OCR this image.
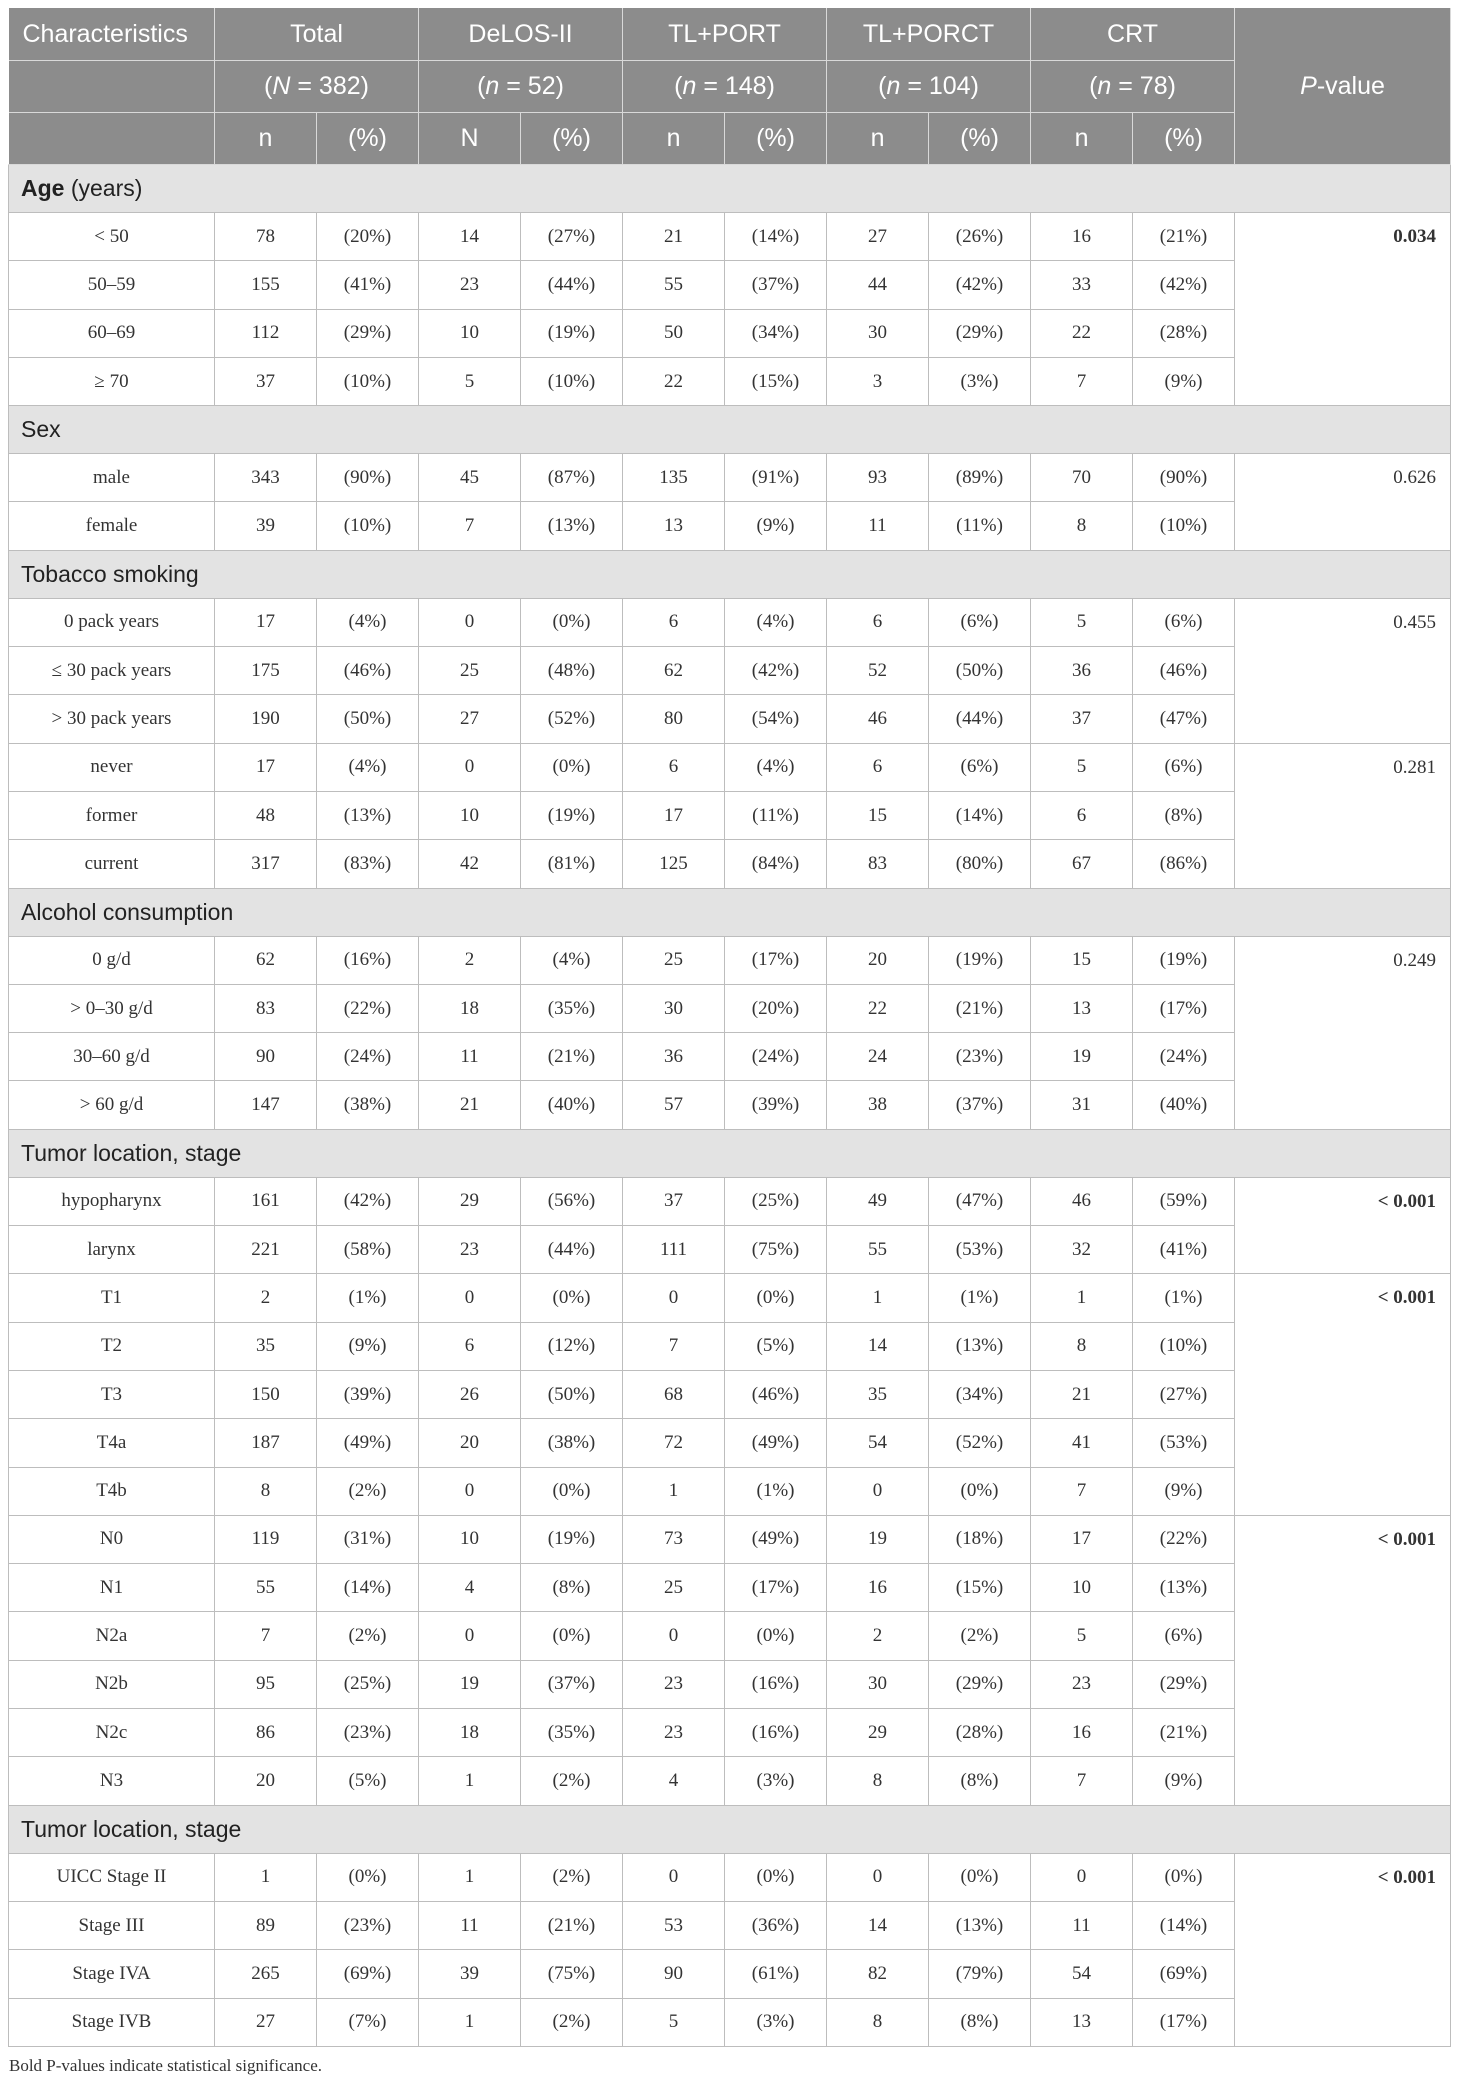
Characteristics	Total		DeLOS-II		TL+PORT		TL+PORCT		CRT		P-value
	(N = 382)		(n = 52)		(n = 148)		(n = 104)		(n = 78)		
	n	(%)	N	(%)	n	(%)	n	(%)	n	(%)	
Age (years)											
< 50	78	(20%)	14	(27%)	21	(14%)	27	(26%)	16	(21%)	0.034
50–59	155	(41%)	23	(44%)	55	(37%)	44	(42%)	33	(42%)	
60–69	112	(29%)	10	(19%)	50	(34%)	30	(29%)	22	(28%)	
≥ 70	37	(10%)	5	(10%)	22	(15%)	3	(3%)	7	(9%)	
Sex											
male	343	(90%)	45	(87%)	135	(91%)	93	(89%)	70	(90%)	0.626
female	39	(10%)	7	(13%)	13	(9%)	11	(11%)	8	(10%)	
Tobacco smoking											
0 pack years	17	(4%)	0	(0%)	6	(4%)	6	(6%)	5	(6%)	0.455
≤ 30 pack years	175	(46%)	25	(48%)	62	(42%)	52	(50%)	36	(46%)	
> 30 pack years	190	(50%)	27	(52%)	80	(54%)	46	(44%)	37	(47%)	
never	17	(4%)	0	(0%)	6	(4%)	6	(6%)	5	(6%)	0.281
former	48	(13%)	10	(19%)	17	(11%)	15	(14%)	6	(8%)	
current	317	(83%)	42	(81%)	125	(84%)	83	(80%)	67	(86%)	
Alcohol consumption											
0 g/d	62	(16%)	2	(4%)	25	(17%)	20	(19%)	15	(19%)	0.249
> 0–30 g/d	83	(22%)	18	(35%)	30	(20%)	22	(21%)	13	(17%)	
30–60 g/d	90	(24%)	11	(21%)	36	(24%)	24	(23%)	19	(24%)	
> 60 g/d	147	(38%)	21	(40%)	57	(39%)	38	(37%)	31	(40%)	
Tumor location, stage											
hypopharynx	161	(42%)	29	(56%)	37	(25%)	49	(47%)	46	(59%)	< 0.001
larynx	221	(58%)	23	(44%)	111	(75%)	55	(53%)	32	(41%)	
T1	2	(1%)	0	(0%)	0	(0%)	1	(1%)	1	(1%)	< 0.001
T2	35	(9%)	6	(12%)	7	(5%)	14	(13%)	8	(10%)	
T3	150	(39%)	26	(50%)	68	(46%)	35	(34%)	21	(27%)	
T4a	187	(49%)	20	(38%)	72	(49%)	54	(52%)	41	(53%)	
T4b	8	(2%)	0	(0%)	1	(1%)	0	(0%)	7	(9%)	
N0	119	(31%)	10	(19%)	73	(49%)	19	(18%)	17	(22%)	< 0.001
N1	55	(14%)	4	(8%)	25	(17%)	16	(15%)	10	(13%)	
N2a	7	(2%)	0	(0%)	0	(0%)	2	(2%)	5	(6%)	
N2b	95	(25%)	19	(37%)	23	(16%)	30	(29%)	23	(29%)	
N2c	86	(23%)	18	(35%)	23	(16%)	29	(28%)	16	(21%)	
N3	20	(5%)	1	(2%)	4	(3%)	8	(8%)	7	(9%)	
Tumor location, stage											
UICC Stage II	1	(0%)	1	(2%)	0	(0%)	0	(0%)	0	(0%)	< 0.001
Stage III	89	(23%)	11	(21%)	53	(36%)	14	(13%)	11	(14%)	
Stage IVA	265	(69%)	39	(75%)	90	(61%)	82	(79%)	54	(69%)	
Stage IVB	27	(7%)	1	(2%)	5	(3%)	8	(8%)	13	(17%)	
Bold P-values indicate statistical significance.
